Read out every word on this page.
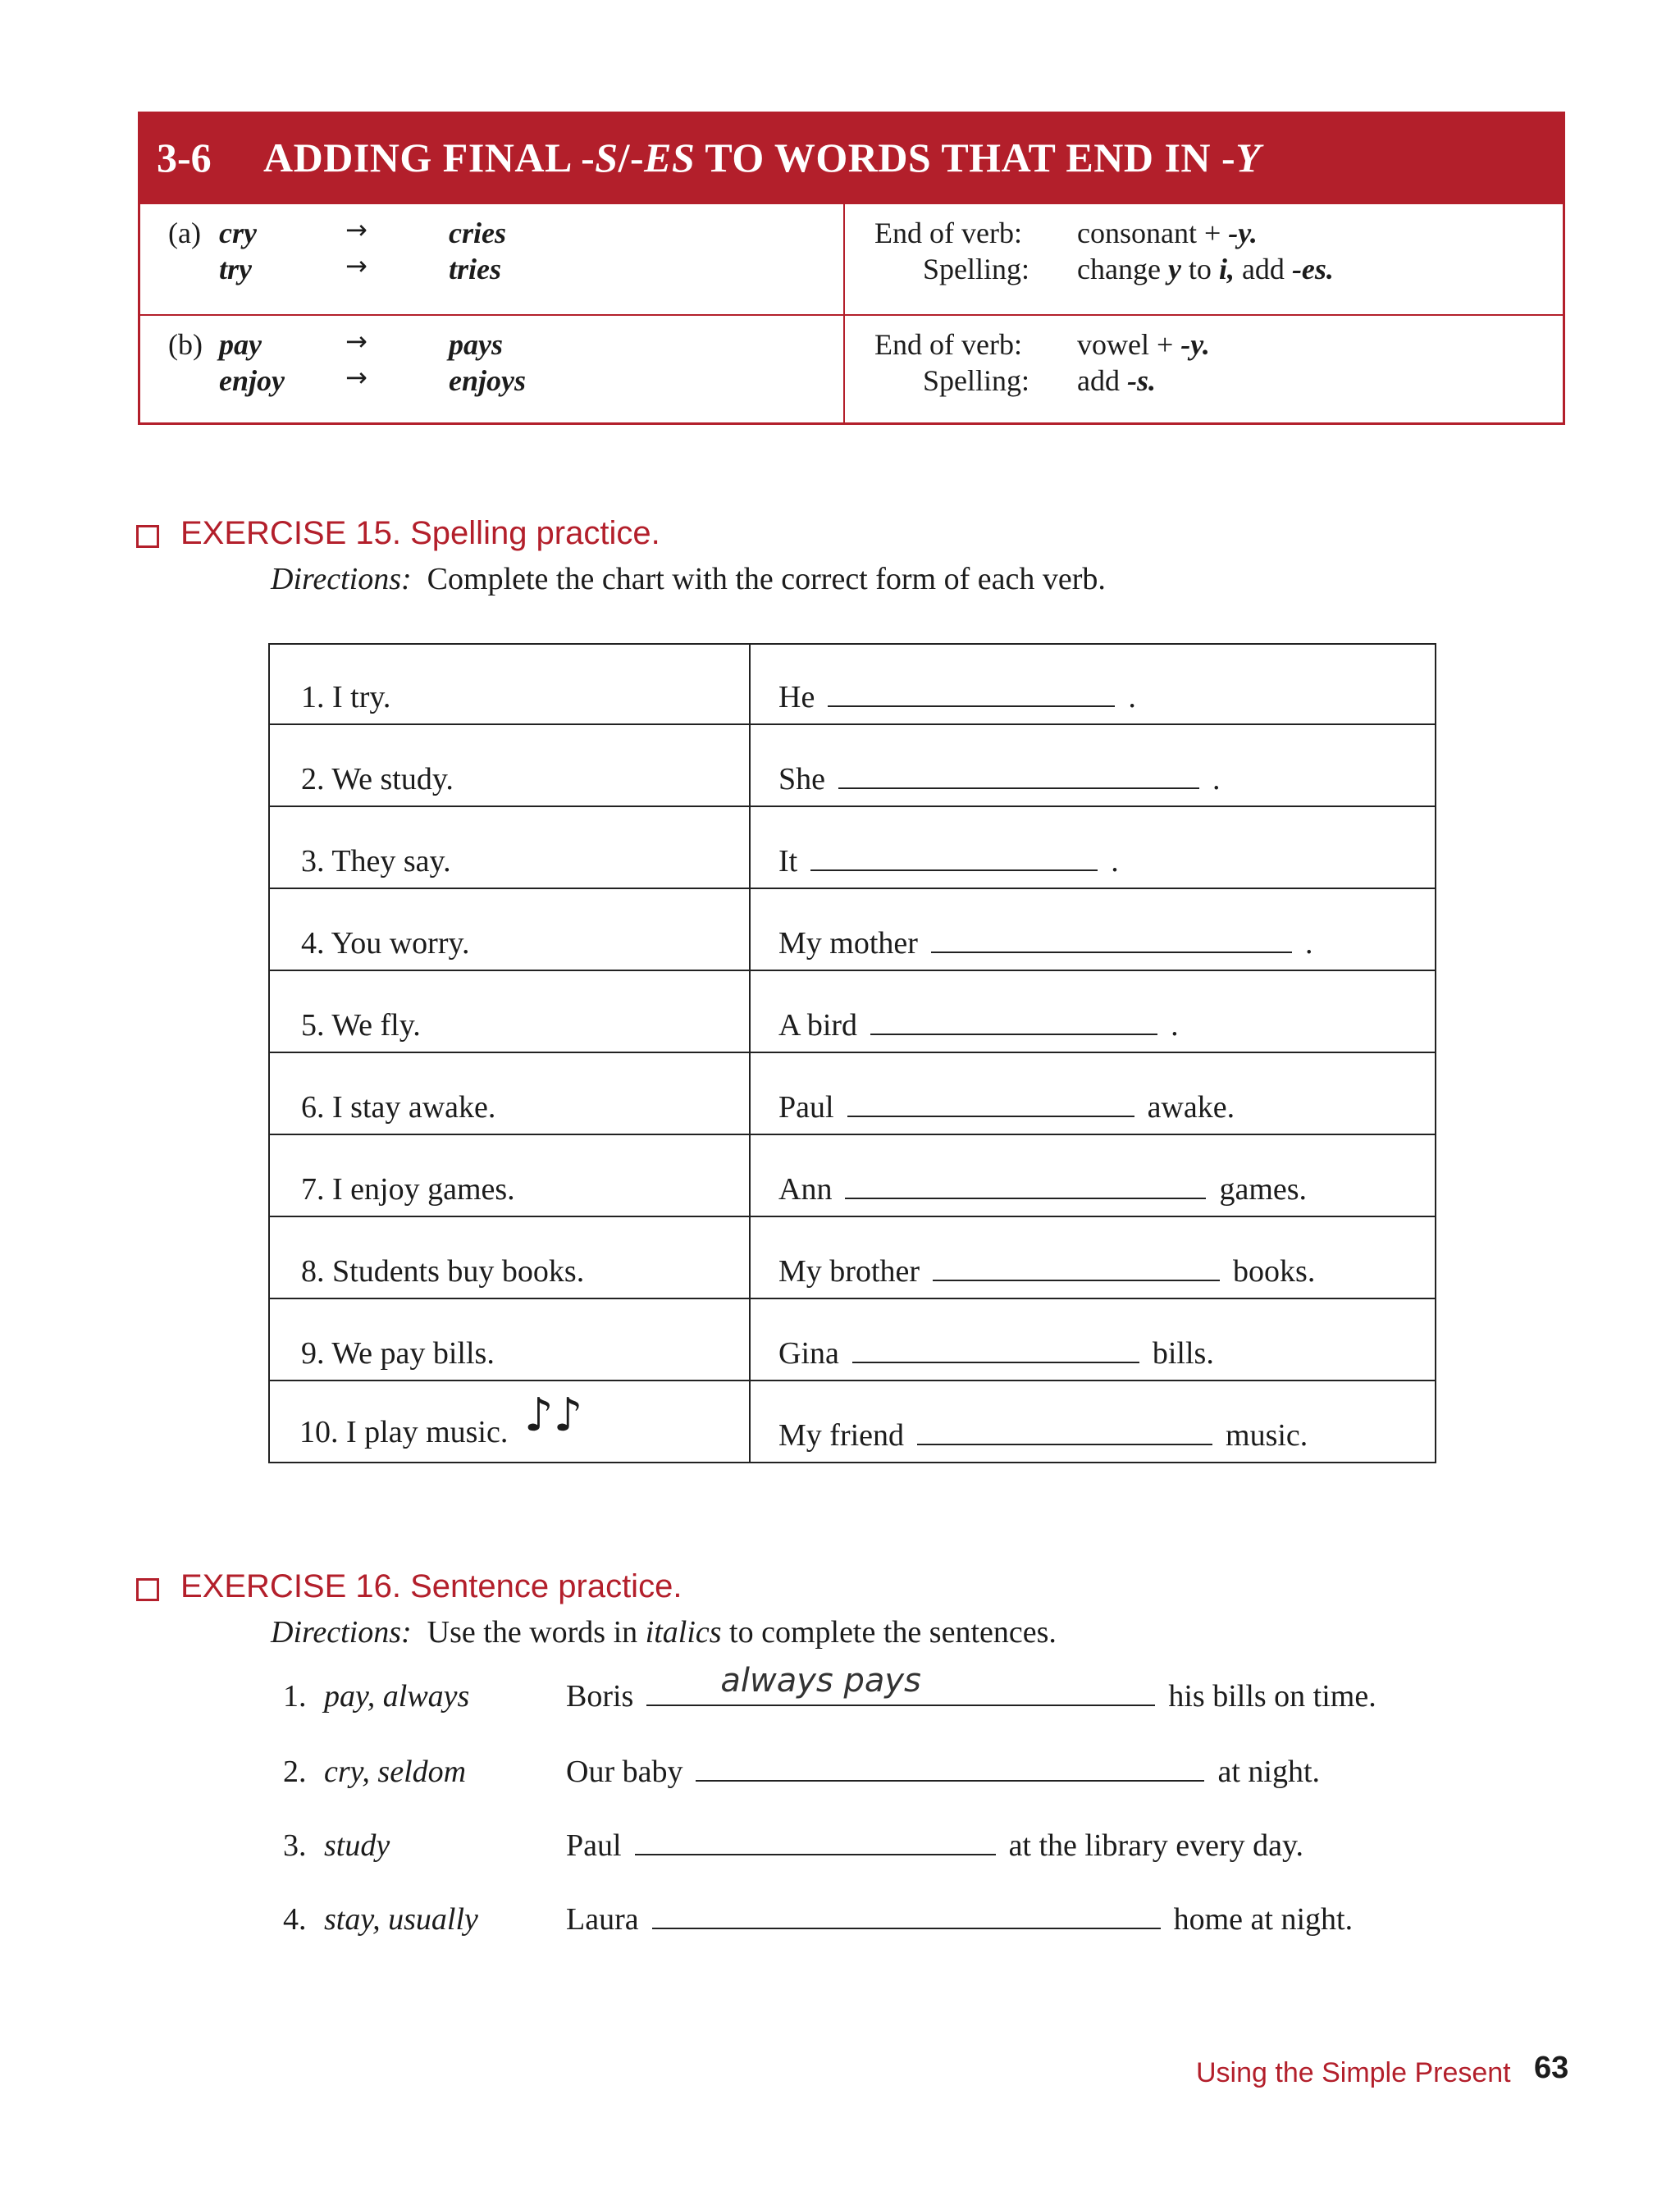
3-6 ADDING FINAL -S/-ES TO WORDS THAT END IN -Y
(a) cry	→	cries
try	→	tries
End of verb: consonant + -y.
Spelling: change y to i, add -es.
(b) pay	→	pays
enjoy →	enjoys
End of verb: vowel + -y.
Spelling: add -s.
EXERCISE 15. Spelling practice.
Directions: Complete the chart with the correct form of each verb.
1. I try.	He	.
2. We study.	She	.
3. They say.	It	.
4. You worry.	My mother	.
5. We fly.	A bird	.
6. I stay awake.	Paul	awake.
7. I enjoy games.	Ann	games.
8. Students buy books.	My brother	books.
9. We pay bills.	Gina	bills.
10. I play music. ♪♪	My friend	music.
EXERCISE 16. Sentence practice.
Directions: Use the words in italics to complete the sentences.
1. pay, always	Boris	always pays	his bills on time.
2. cry, seldom	Our baby	at night.
3. study	Paul	at the library every day.
4. stay, usually	Laura	home at night.
Using the Simple Present 63
